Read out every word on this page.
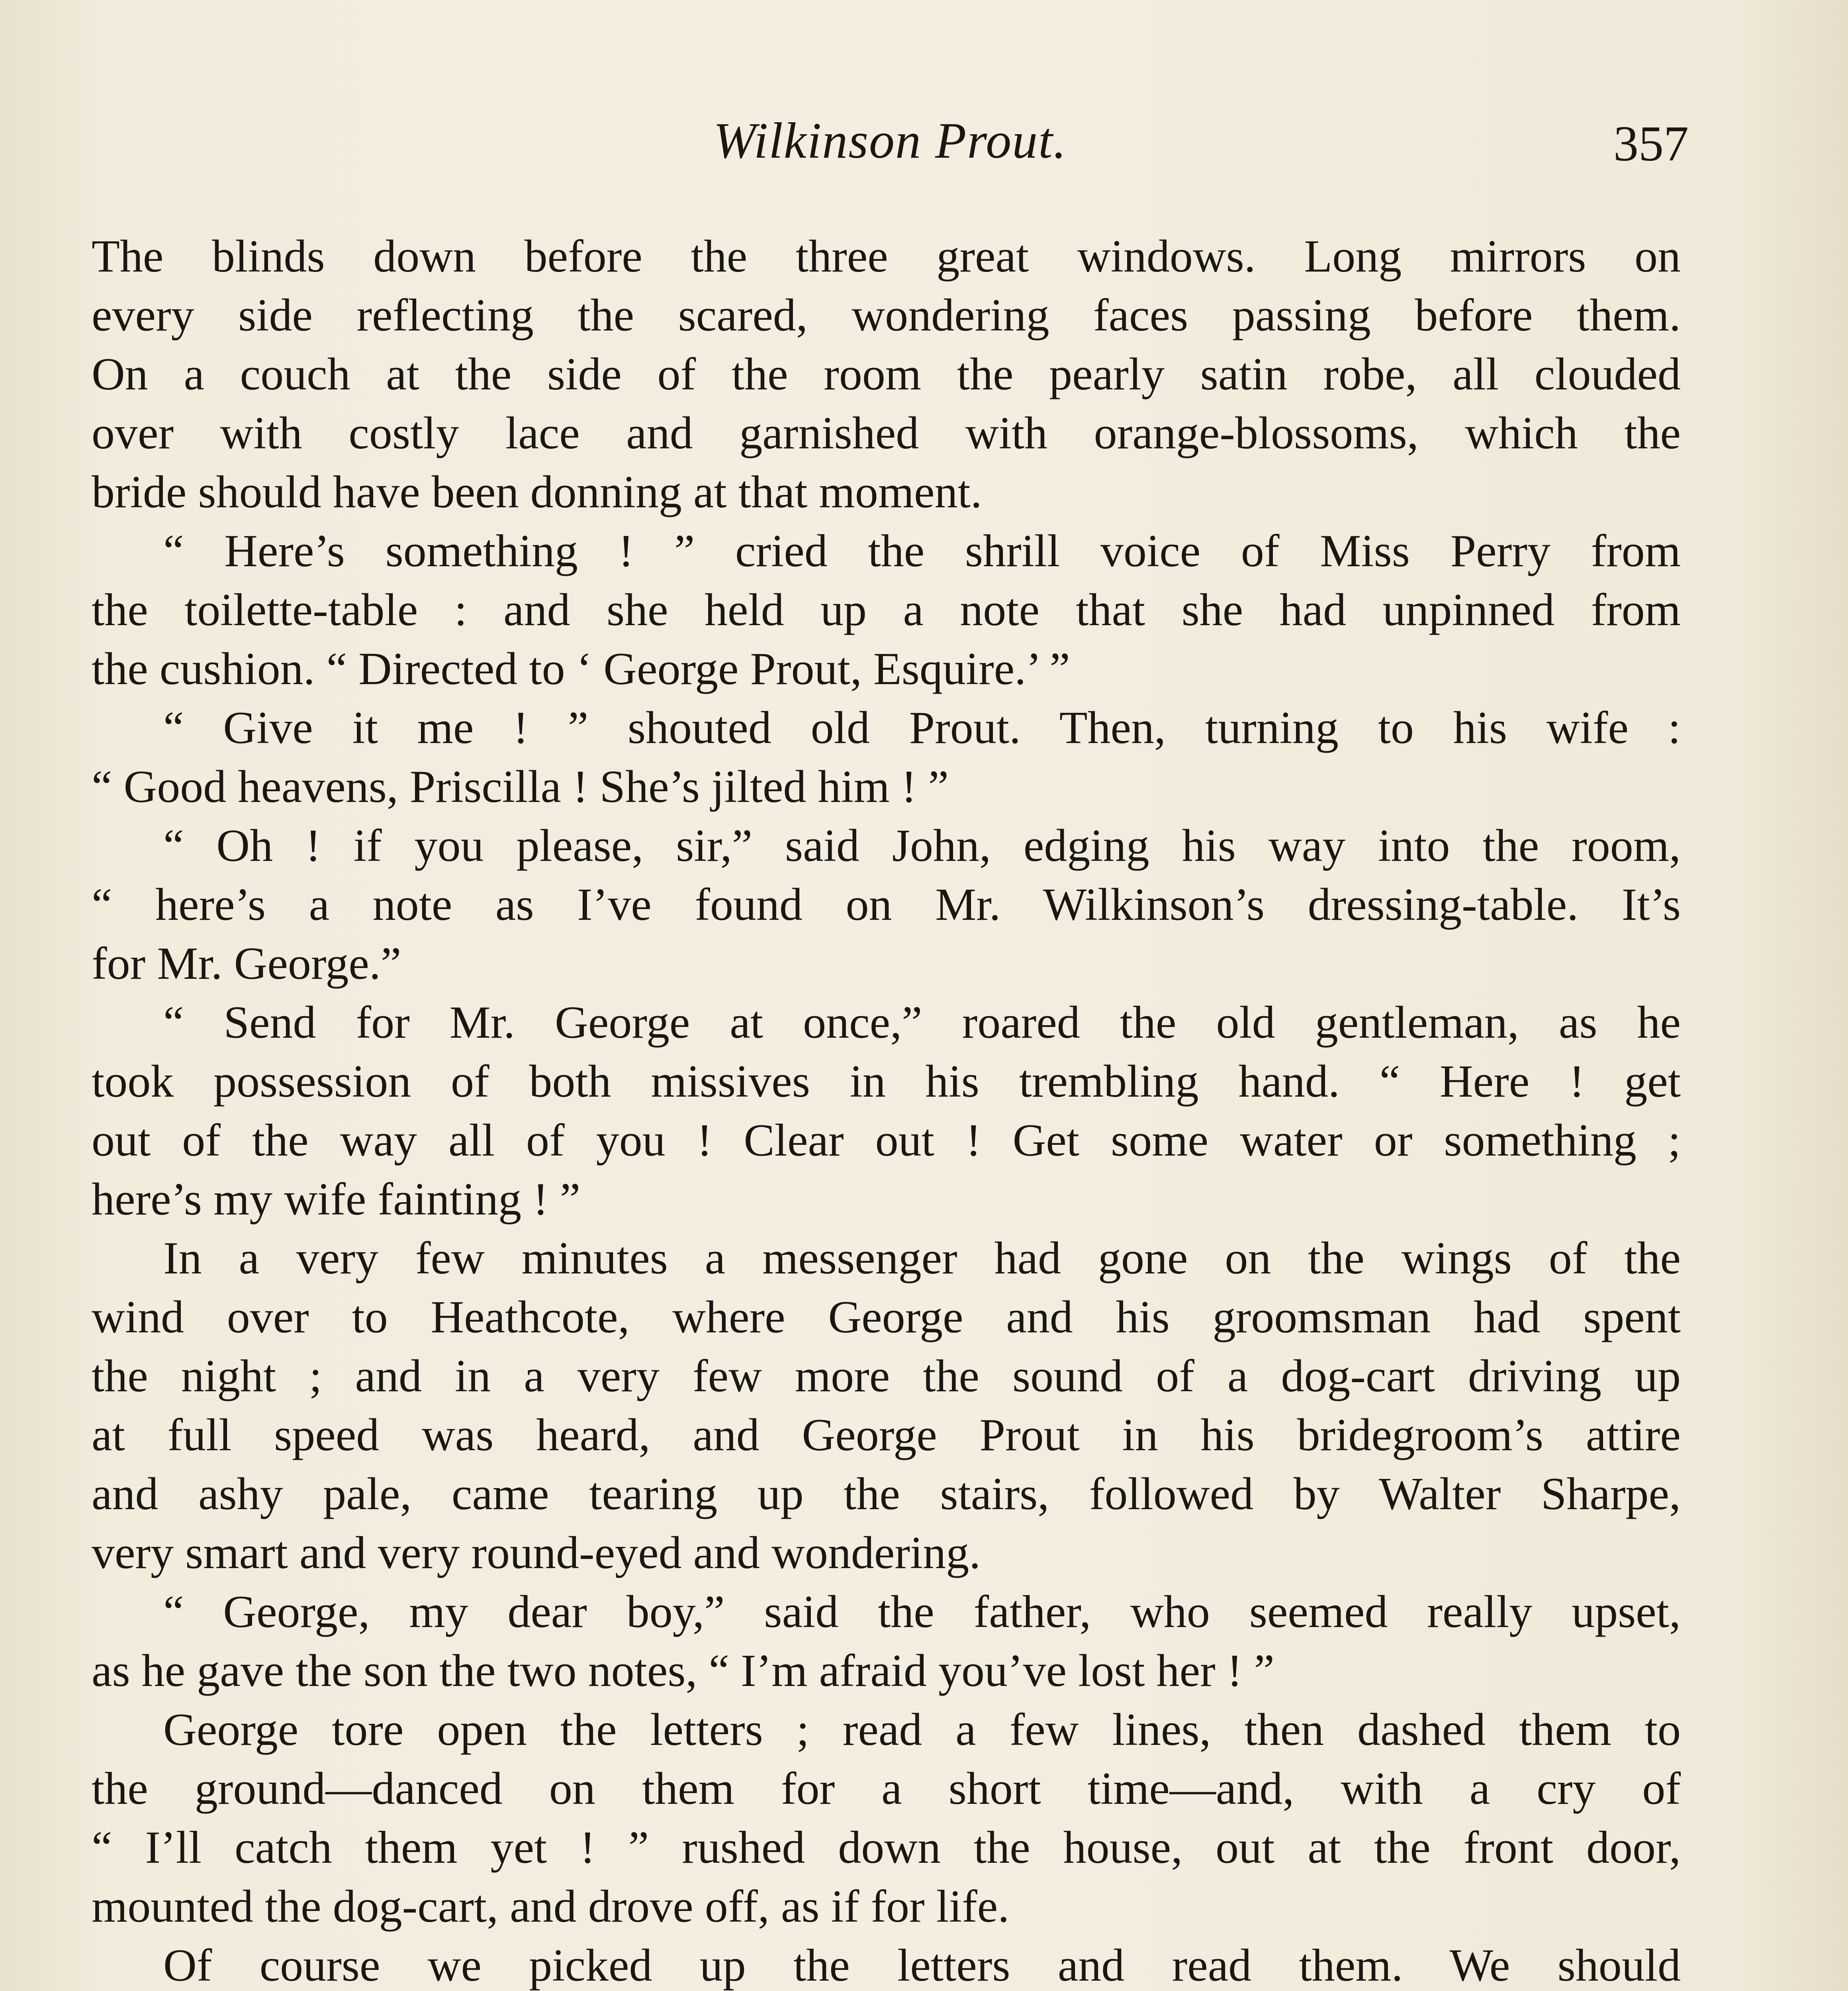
Wilkinson Prout.	357
The blinds down before the three great windows. Long mirrors on
every side reflecting the scared, wondering faces passing before them.
On a couch at the side of the room the pearly satin robe, all clouded
over with costly lace and garnished with orange-blossoms, which the
bride should have been donning at that moment.
“ Here’s something ! ” cried the shrill voice of Miss Perry from
the toilette-table : and she held up a note that she had unpinned from
the cushion. “ Directed to ‘ George Prout, Esquire.’ ”
“ Give it me ! ” shouted old Prout. Then, turning to his wife :
“ Good heavens, Priscilla ! She’s jilted him ! ”
“ Oh ! if you please, sir,” said John, edging his way into the room,
“ here’s a note as I’ve found on Mr. Wilkinson’s dressing-table. It’s
for Mr. George.”
“ Send for Mr. George at once,” roared the old gentleman, as he
took possession of both missives in his trembling hand. “ Here ! get
out of the way all of you ! Clear out ! Get some water or something ;
here’s my wife fainting ! ”
In a very few minutes a messenger had gone on the wings of the
wind over to Heathcote, where George and his groomsman had spent
the night ; and in a very few more the sound of a dog-cart driving up
at full speed was heard, and George Prout in his bridegroom’s attire
and ashy pale, came tearing up the stairs, followed by Walter Sharpe,
very smart and very round-eyed and wondering.
“ George, my dear boy,” said the father, who seemed really upset,
as he gave the son the two notes, “ I’m afraid you’ve lost her ! ”
George tore open the letters ; read a few lines, then dashed them to
the ground—danced on them for a short time—and, with a cry of
“ I’ll catch them yet ! ” rushed down the house, out at the front door,
mounted the dog-cart, and drove off, as if for life.
Of course we picked up the letters and read them. We should
